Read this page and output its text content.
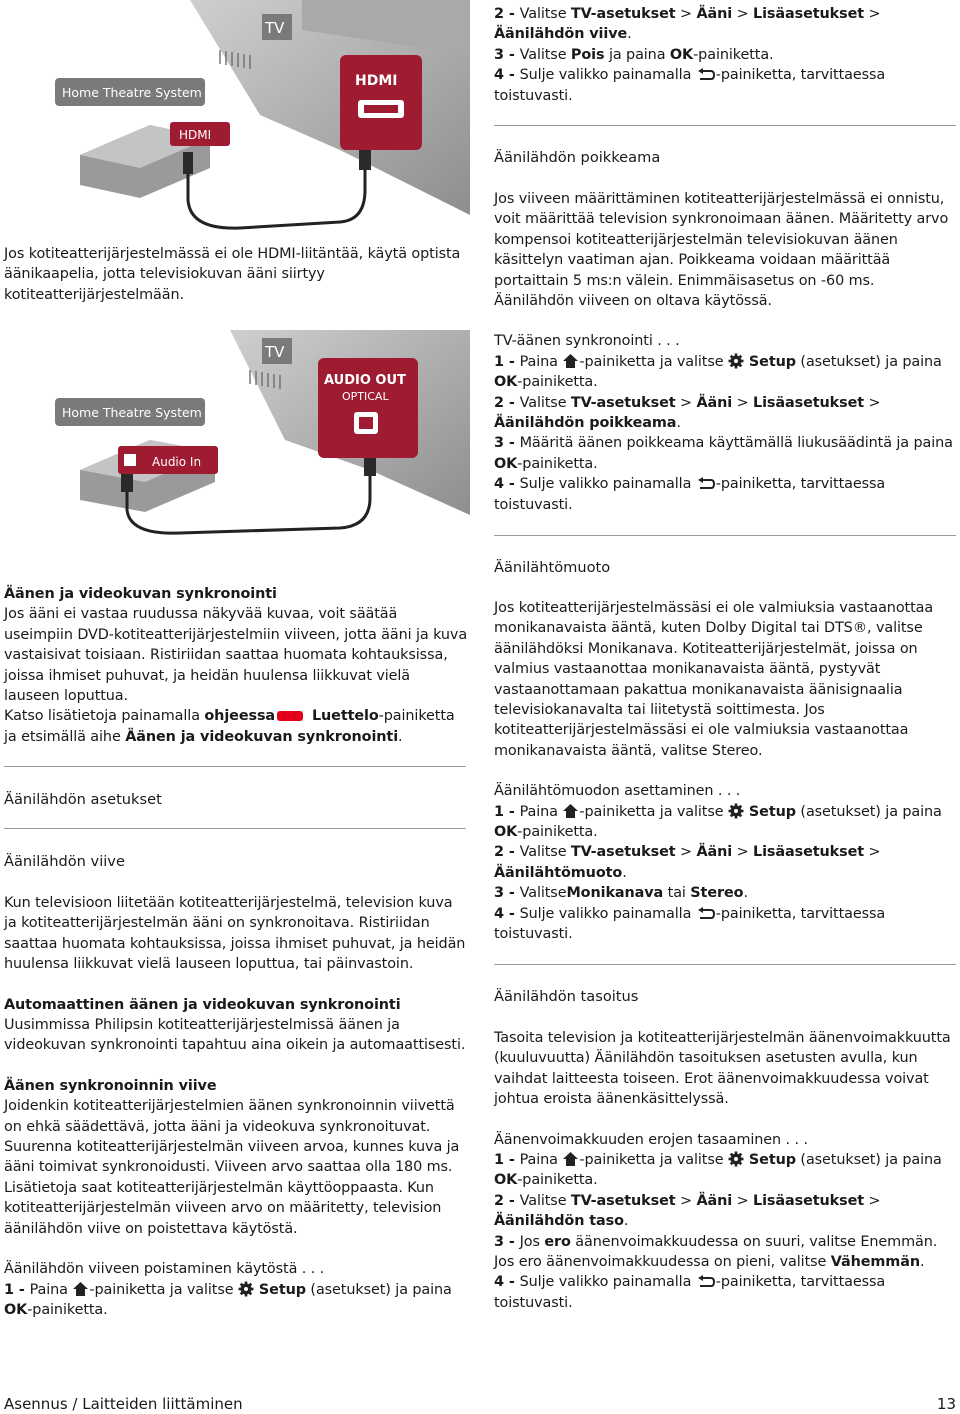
TV
HDMI
Home Theatre System
HDMI
TV
AUDIO OUT
OPTICAL
Home Theatre System
Audio In

Jos kotiteatterijärjestelmässä ei ole HDMI-liitäntää, käytä optista äänikaapelia, jotta televisiokuvan ääni siirtyy kotiteatterijärjestelmään.

Äänen ja videokuvan synkronointi

Jos ääni ei vastaa ruudussa näkyvää kuvaa, voit säätää useimpiin DVD-kotiteatterijärjestelmiin viiveen, jotta ääni ja kuva vastaisivat toisiaan. Ristiriidan saattaa huomata kohtauksissa, joissa ihmiset puhuvat, ja heidän huulensa liikkuvat vielä lauseen loputtua.

Katso lisätietoja painamalla ohjeessa Luettelo-painiketta ja etsimällä aihe Äänen ja videokuvan synkronointi.

Äänilähdön asetukset

Äänilähdön viive

Kun televisioon liitetään kotiteatterijärjestelmä, television kuva ja kotiteatterijärjestelmän ääni on synkronoitava. Ristiriidan saattaa huomata kohtauksissa, joissa ihmiset puhuvat, ja heidän huulensa liikkuvat vielä lauseen loputtua, tai päinvastoin.

Automaattinen äänen ja videokuvan synkronointi

Uusimmissa Philipsin kotiteatterijärjestelmissä äänen ja videokuvan synkronointi tapahtuu aina oikein ja automaattisesti.

Äänen synkronoinnin viive

Joidenkin kotiteatterijärjestelmien äänen synkronoinnin viivettä on ehkä säädettävä, jotta ääni ja videokuva synkronoituvat. Suurenna kotiteatterijärjestelmän viiveen arvoa, kunnes kuva ja ääni toimivat synkronoidusti. Viiveen arvo saattaa olla 180 ms. Lisätietoja saat kotiteatterijärjestelmän käyttöoppaasta. Kun kotiteatterijärjestelmän viiveen arvo on määritetty, television äänilähdön viive on poistettava käytöstä.

Äänilähdön viiveen poistaminen käytöstä . . .

1 - Paina -painiketta ja valitse  Setup (asetukset) ja paina
OK-painiketta.

2 - Valitse TV-asetukset > Ääni > Lisäasetukset >
Äänilähdön viive.

3 - Valitse Pois ja paina OK-painiketta.

4 - Sulje valikko painamalla -painiketta, tarvittaessa
toistuvasti.

Äänilähdön poikkeama

Jos viiveen määrittäminen kotiteatterijärjestelmässä ei onnistu, voit määrittää television synkronoimaan äänen. Määritetty arvo kompensoi kotiteatterijärjestelmän televisiokuvan äänen käsittelyn vaatiman ajan. Poikkeama voidaan määrittää portaittain 5 ms:n välein. Enimmäisasetus on -60 ms. Äänilähdön viiveen on oltava käytössä.

TV-äänen synkronointi . . .

1 - Paina -painiketta ja valitse  Setup (asetukset) ja paina
OK-painiketta.

2 - Valitse TV-asetukset > Ääni > Lisäasetukset >
Äänilähdön poikkeama.

3 - Määritä äänen poikkeama käyttämällä liukusäädintä ja paina
OK-painiketta.

4 - Sulje valikko painamalla -painiketta, tarvittaessa
toistuvasti.

Äänilähtömuoto

Jos kotiteatterijärjestelmässäsi ei ole valmiuksia vastaanottaa monikanavaista ääntä, kuten Dolby Digital tai DTS®, valitse äänilähdöksi Monikanava. Kotiteatterijärjestelmät, joissa on valmius vastaanottaa monikanavaista ääntä, pystyvät vastaanottamaan pakattua monikanavaista äänisignaalia televisiokanavalta tai liitetystä soittimesta. Jos kotiteatterijärjestelmässäsi ei ole valmiuksia vastaanottaa monikanavaista ääntä, valitse Stereo.

Äänilähtömuodon asettaminen . . .

1 - Paina -painiketta ja valitse  Setup (asetukset) ja paina
OK-painiketta.

2 - Valitse TV-asetukset > Ääni > Lisäasetukset >
Äänilähtömuoto.

3 - ValitseMonikanava tai Stereo.

4 - Sulje valikko painamalla -painiketta, tarvittaessa
toistuvasti.

Äänilähdön tasoitus

Tasoita television ja kotiteatterijärjestelmän äänenvoimakkuutta (kuuluvuutta) Äänilähdön tasoituksen asetusten avulla, kun vaihdat laitteesta toiseen. Erot äänenvoimakkuudessa voivat johtua eroista äänenkäsittelyssä.

Äänenvoimakkuuden erojen tasaaminen . . .

1 - Paina -painiketta ja valitse  Setup (asetukset) ja paina
OK-painiketta.

2 - Valitse TV-asetukset > Ääni > Lisäasetukset >
Äänilähdön taso.

3 - Jos ero äänenvoimakkuudessa on suuri, valitse Enemmän.
Jos ero äänenvoimakkuudessa on pieni, valitse Vähemmän.

4 - Sulje valikko painamalla -painiketta, tarvittaessa
toistuvasti.

Asennus / Laitteiden liittäminen	13
